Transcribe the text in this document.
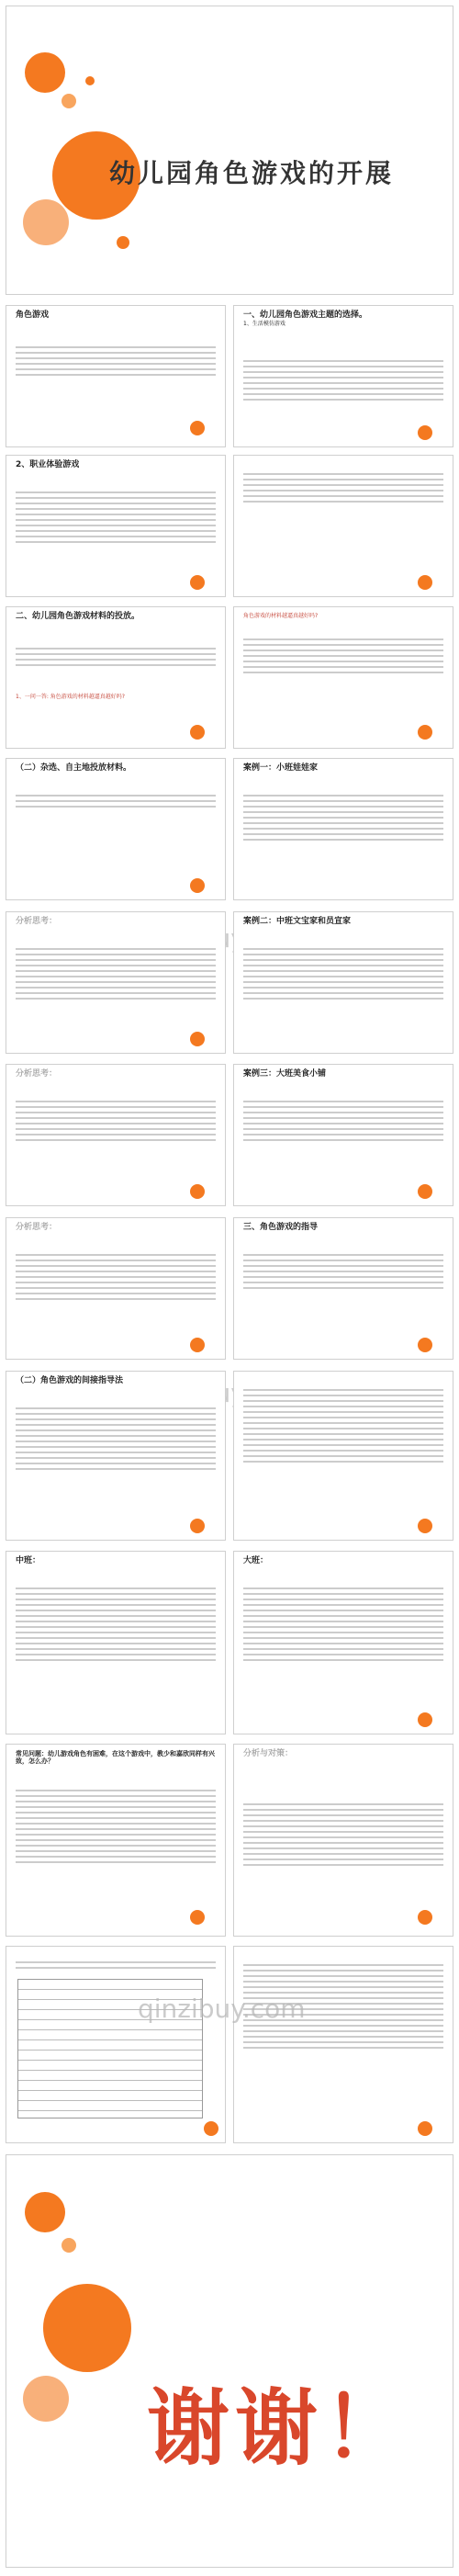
幼儿园角色游戏的开展

角色游戏	一、幼儿园角色游戏主题的选择。

1、生活模仿游戏

2、职业体验游戏

二、幼儿园角色游戏材料的投放。

1、一问一答: 角色游戏的材料越逼真越好吗?

角色游戏的材料越逼真越好吗?

（二）杂选、自主地投放材料。	案例一：小班娃娃家

分析思考：	案例二：中班文宝家和员宣家

分析思考：	案例三：大班美食小铺

分析思考：	三、角色游戏的指导

（二）角色游戏的间接指导法

中班：	大班：

常见问题：幼儿游戏角色有困难，在这个游戏中，教少和嘉欣同样有兴致，怎么办？

分析与对策：

qinzibuy.com
谢谢！
